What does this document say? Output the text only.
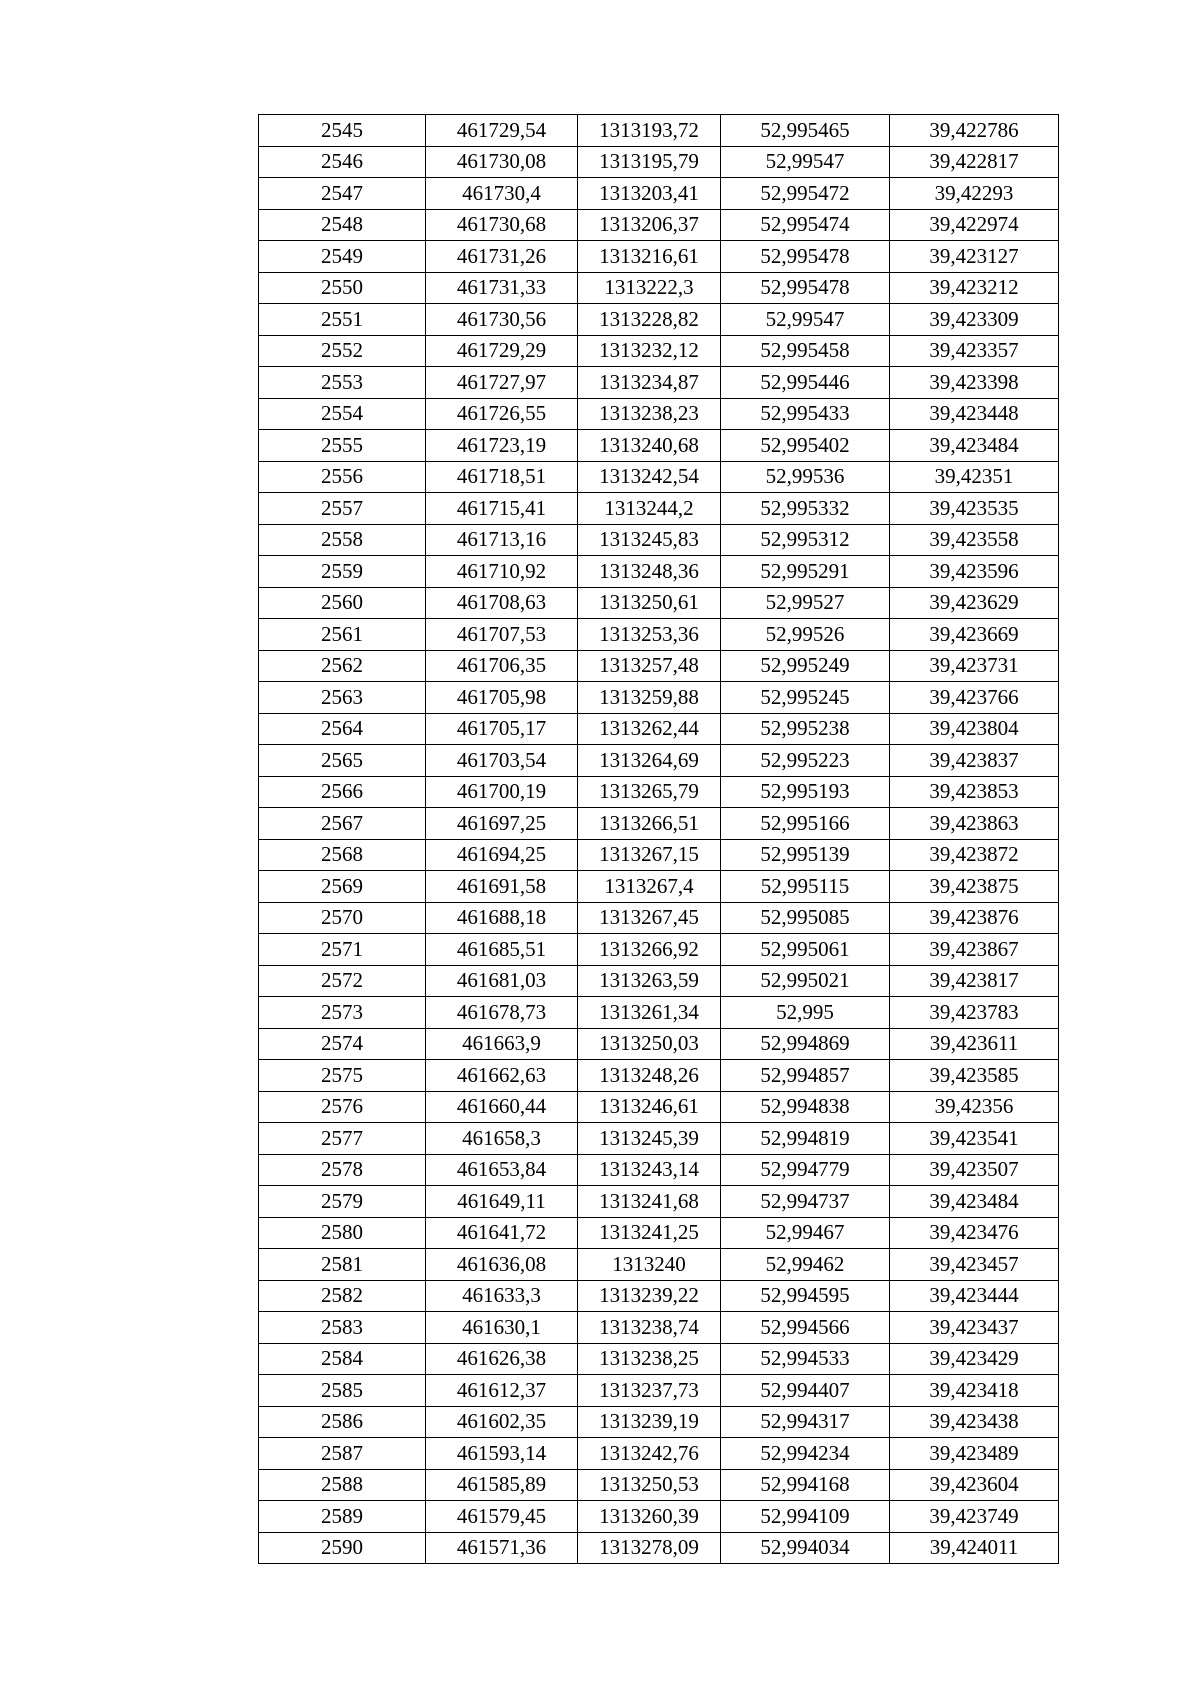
2545	461729,54	1313193,72	52,995465	39,422786
2546	461730,08	1313195,79	52,99547	39,422817
2547	461730,4	1313203,41	52,995472	39,42293
2548	461730,68	1313206,37	52,995474	39,422974
2549	461731,26	1313216,61	52,995478	39,423127
2550	461731,33	1313222,3	52,995478	39,423212
2551	461730,56	1313228,82	52,99547	39,423309
2552	461729,29	1313232,12	52,995458	39,423357
2553	461727,97	1313234,87	52,995446	39,423398
2554	461726,55	1313238,23	52,995433	39,423448
2555	461723,19	1313240,68	52,995402	39,423484
2556	461718,51	1313242,54	52,99536	39,42351
2557	461715,41	1313244,2	52,995332	39,423535
2558	461713,16	1313245,83	52,995312	39,423558
2559	461710,92	1313248,36	52,995291	39,423596
2560	461708,63	1313250,61	52,99527	39,423629
2561	461707,53	1313253,36	52,99526	39,423669
2562	461706,35	1313257,48	52,995249	39,423731
2563	461705,98	1313259,88	52,995245	39,423766
2564	461705,17	1313262,44	52,995238	39,423804
2565	461703,54	1313264,69	52,995223	39,423837
2566	461700,19	1313265,79	52,995193	39,423853
2567	461697,25	1313266,51	52,995166	39,423863
2568	461694,25	1313267,15	52,995139	39,423872
2569	461691,58	1313267,4	52,995115	39,423875
2570	461688,18	1313267,45	52,995085	39,423876
2571	461685,51	1313266,92	52,995061	39,423867
2572	461681,03	1313263,59	52,995021	39,423817
2573	461678,73	1313261,34	52,995	39,423783
2574	461663,9	1313250,03	52,994869	39,423611
2575	461662,63	1313248,26	52,994857	39,423585
2576	461660,44	1313246,61	52,994838	39,42356
2577	461658,3	1313245,39	52,994819	39,423541
2578	461653,84	1313243,14	52,994779	39,423507
2579	461649,11	1313241,68	52,994737	39,423484
2580	461641,72	1313241,25	52,99467	39,423476
2581	461636,08	1313240	52,99462	39,423457
2582	461633,3	1313239,22	52,994595	39,423444
2583	461630,1	1313238,74	52,994566	39,423437
2584	461626,38	1313238,25	52,994533	39,423429
2585	461612,37	1313237,73	52,994407	39,423418
2586	461602,35	1313239,19	52,994317	39,423438
2587	461593,14	1313242,76	52,994234	39,423489
2588	461585,89	1313250,53	52,994168	39,423604
2589	461579,45	1313260,39	52,994109	39,423749
2590	461571,36	1313278,09	52,994034	39,424011
